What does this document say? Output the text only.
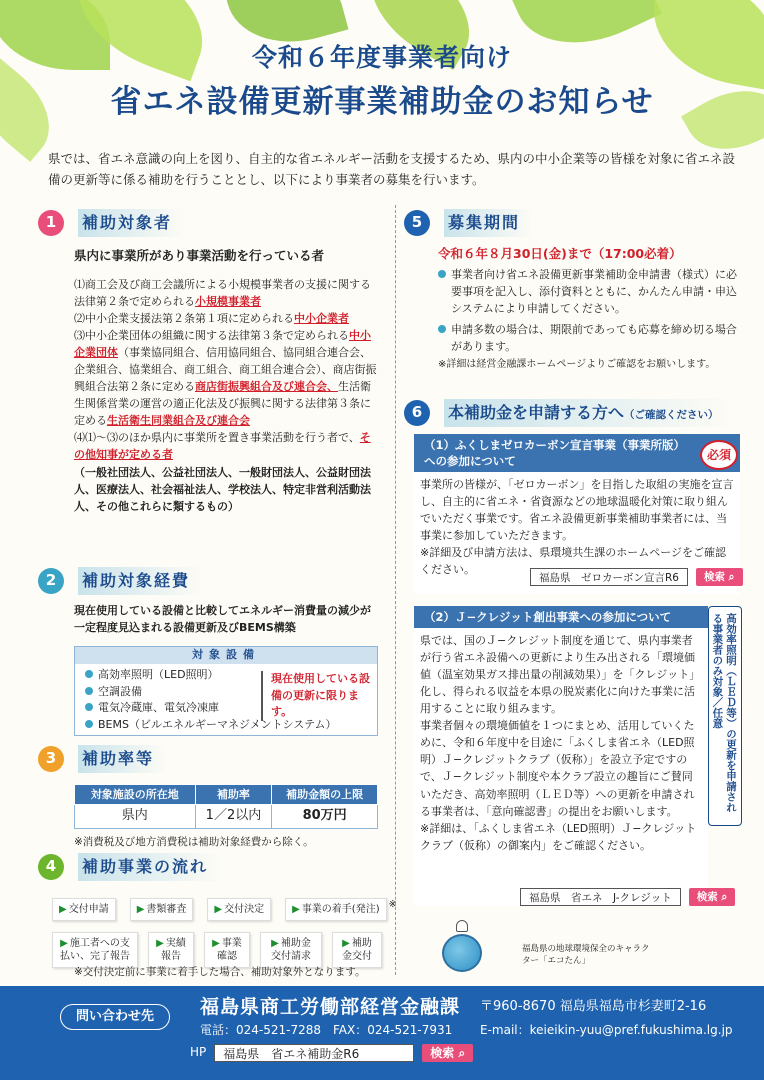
令和６年度事業者向け
省エネ設備更新事業補助金のお知らせ
県では、省エネ意識の向上を図り、自主的な省エネルギー活動を支援するため、県内の中小企業等の皆様を対象に省エネ設備の更新等に係る補助を行うこととし、以下により事業者の募集を行います。
1	補助対象者
県内に事業所があり事業活動を行っている者
⑴商工会及び商工会議所による小規模事業者の支援に関する法律第２条で定められる小規模事業者
⑵中小企業支援法第２条第１項に定められる中小企業者
⑶中小企業団体の組織に関する法律第３条で定められる中小企業団体（事業協同組合、信用協同組合、協同組合連合会、企業組合、協業組合、商工組合、商工組合連合会）、商店街振興組合法第２条に定める商店街振興組合及び連合会、生活衛生関係営業の運営の適正化法及び振興に関する法律第３条に定める生活衛生同業組合及び連合会
⑷⑴〜⑶のほか県内に事業所を置き事業活動を行う者で、その他知事が定める者
（一般社団法人、公益社団法人、一般財団法人、公益財団法人、医療法人、社会福祉法人、学校法人、特定非営利活動法人、その他これらに類するもの）
2	補助対象経費
現在使用している設備と比較してエネルギー消費量の減少が一定程度見込まれる設備更新及びBEMS構築
対象設備
高効率照明（LED照明）
空調設備
電気冷蔵庫、電気冷凍庫
BEMS（ビルエネルギーマネジメントシステム）
現在使用している設備の更新に限ります。
3	補助率等
対象施設の所在地	補助率	補助金額の上限
県内	1／2以内	80万円
※消費税及び地方消費税は補助対象経費から除く。
4	補助事業の流れ
▶ 交付申請	▶ 書類審査	▶ 交付決定	▶ 事業の着手(発注) ※
▶ 施工者への支払い、完了報告
▶ 実績報告
▶ 事業確認
▶ 補助金交付請求
▶ 補助金交付
※交付決定前に事業に着手した場合、補助対象外となります。
5	募集期間
令和６年８月30日(金)まで（17:00必着）
事業者向け省エネ設備更新事業補助金申請書（様式）に必要事項を記入し、添付資料とともに、かんたん申請・申込システムにより申請してください。
申請多数の場合は、期限前であっても応募を締め切る場合があります。
※詳細は経営金融課ホームページよりご確認をお願いします。
6	本補助金を申請する方へ（ご確認ください）
（1）ふくしまゼロカーボン宣言事業（事業所版）への参加について	必須
事業所の皆様が、「ゼロカーボン」を目指した取組の実施を宣言し、自主的に省エネ・省資源などの地球温暖化対策に取り組んでいただく事業です。省エネ設備更新事業補助事業者には、当事業に参加していただきます。
※詳細及び申請方法は、県環境共生課のホームページをご確認ください。
福島県　ゼロカーボン宣言R6	検索 ⌕
（2）Ｊ−クレジット創出事業への参加について
県では、国のＪ−クレジット制度を通じて、県内事業者が行う省エネ設備への更新により生み出される「環境価値（温室効果ガス排出量の削減効果）」を「クレジット」化し、得られる収益を本県の脱炭素化に向けた事業に活用することに取り組みます。
事業者個々の環境価値を１つにまとめ、活用していくために、令和６年度中を目途に「ふくしま省エネ（LED照明）Ｊ−クレジットクラブ（仮称）」を設立予定ですので、Ｊ−クレジット制度や本クラブ設立の趣旨にご賛同いただき、高効率照明（ＬＥＤ等）への更新を申請される事業者は、「意向確認書」の提出をお願いします。
※詳細は、「ふくしま省エネ（LED照明）Ｊ−クレジットクラブ（仮称）の御案内」をご確認ください。
高効率照明（ＬＥＤ等）の更新を申請される事業者のみ対象／任意
福島県　省エネ　J-クレジット	検索 ⌕
福島県の地球環境保全のキャラクター「エコたん」
問い合わせ先	福島県商工労働部経営金融課 〒960-8670 福島県福島市杉妻町2-16
電話：024-521-7288　FAX：024-521-7931 E-mail：keieikin-yuu@pref.fukushima.lg.jp
HP	福島県　省エネ補助金R6	検索 ⌕
